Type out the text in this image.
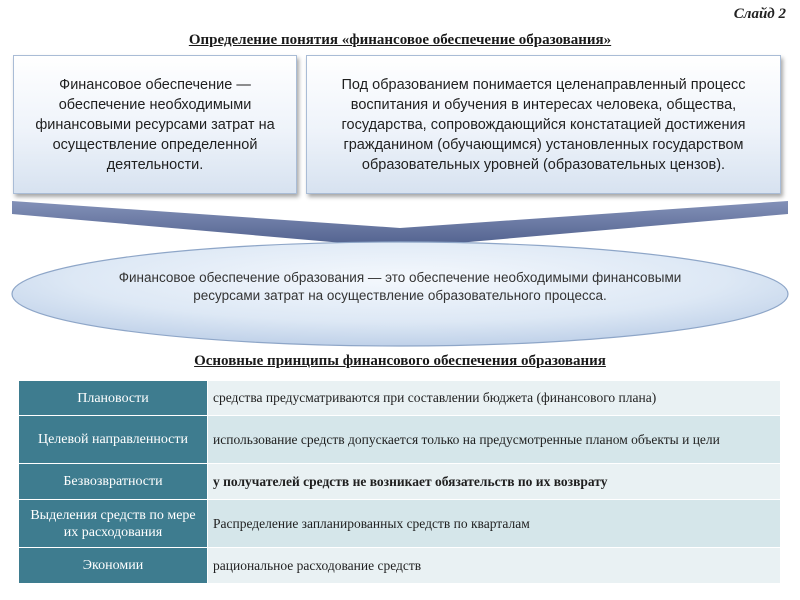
Слайд 2
Определение понятия «финансовое обеспечение образования»
Финансовое обеспечение — обеспечение необходимыми финансовыми ресурсами затрат на осуществление определенной деятельности.
Под образованием понимается целенаправленный процесс воспитания и обучения в интересах человека, общества, государства, сопровождающийся констатацией достижения гражданином (обучающимся) установленных государством образовательных уровней (образовательных цензов).
Финансовое обеспечение образования — это обеспечение необходимыми финансовыми ресурсами затрат на осуществление образовательного процесса.
Основные принципы финансового обеспечения образования
Плановости	средства предусматриваются при составлении бюджета (финансового плана)
Целевой направленности	использование средств допускается только на предусмотренные планом объекты и цели
Безвозвратности	у получателей средств не возникает обязательств по их возврату
Выделения средств по мере их расходования	Распределение запланированных средств по кварталам
Экономии	рациональное расходование средств
